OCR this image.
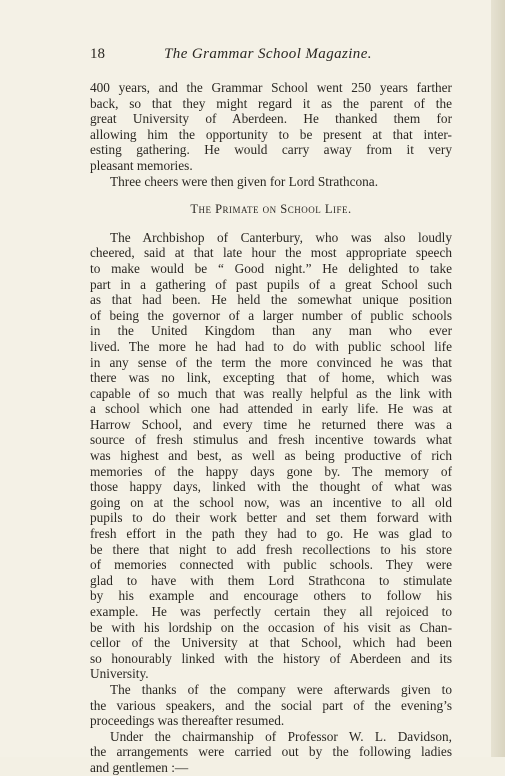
18	The Grammar School Magazine.

400 years, and the Grammar School went 250 years farther
back, so that they might regard it as the parent of the
great University of Aberdeen. He thanked them for
allowing him the opportunity to be present at that inter-
esting gathering. He would carry away from it very
pleasant memories.

Three cheers were then given for Lord Strathcona.

The Primate on School Life.

The Archbishop of Canterbury, who was also loudly
cheered, said at that late hour the most appropriate speech
to make would be “ Good night.” He delighted to take
part in a gathering of past pupils of a great School such
as that had been. He held the somewhat unique position
of being the governor of a larger number of public schools
in the United Kingdom than any man who ever
lived. The more he had had to do with public school life
in any sense of the term the more convinced he was that
there was no link, excepting that of home, which was
capable of so much that was really helpful as the link with
a school which one had attended in early life. He was at
Harrow School, and every time he returned there was a
source of fresh stimulus and fresh incentive towards what
was highest and best, as well as being productive of rich
memories of the happy days gone by. The memory of
those happy days, linked with the thought of what was
going on at the school now, was an incentive to all old
pupils to do their work better and set them forward with
fresh effort in the path they had to go. He was glad to
be there that night to add fresh recollections to his store
of memories connected with public schools. They were
glad to have with them Lord Strathcona to stimulate
by his example and encourage others to follow his
example. He was perfectly certain they all rejoiced to
be with his lordship on the occasion of his visit as Chan-
cellor of the University at that School, which had been
so honourably linked with the history of Aberdeen and its
University.

The thanks of the company were afterwards given to
the various speakers, and the social part of the evening’s
proceedings was thereafter resumed.

Under the chairmanship of Professor W. L. Davidson,
the arrangements were carried out by the following ladies
and gentlemen :—
